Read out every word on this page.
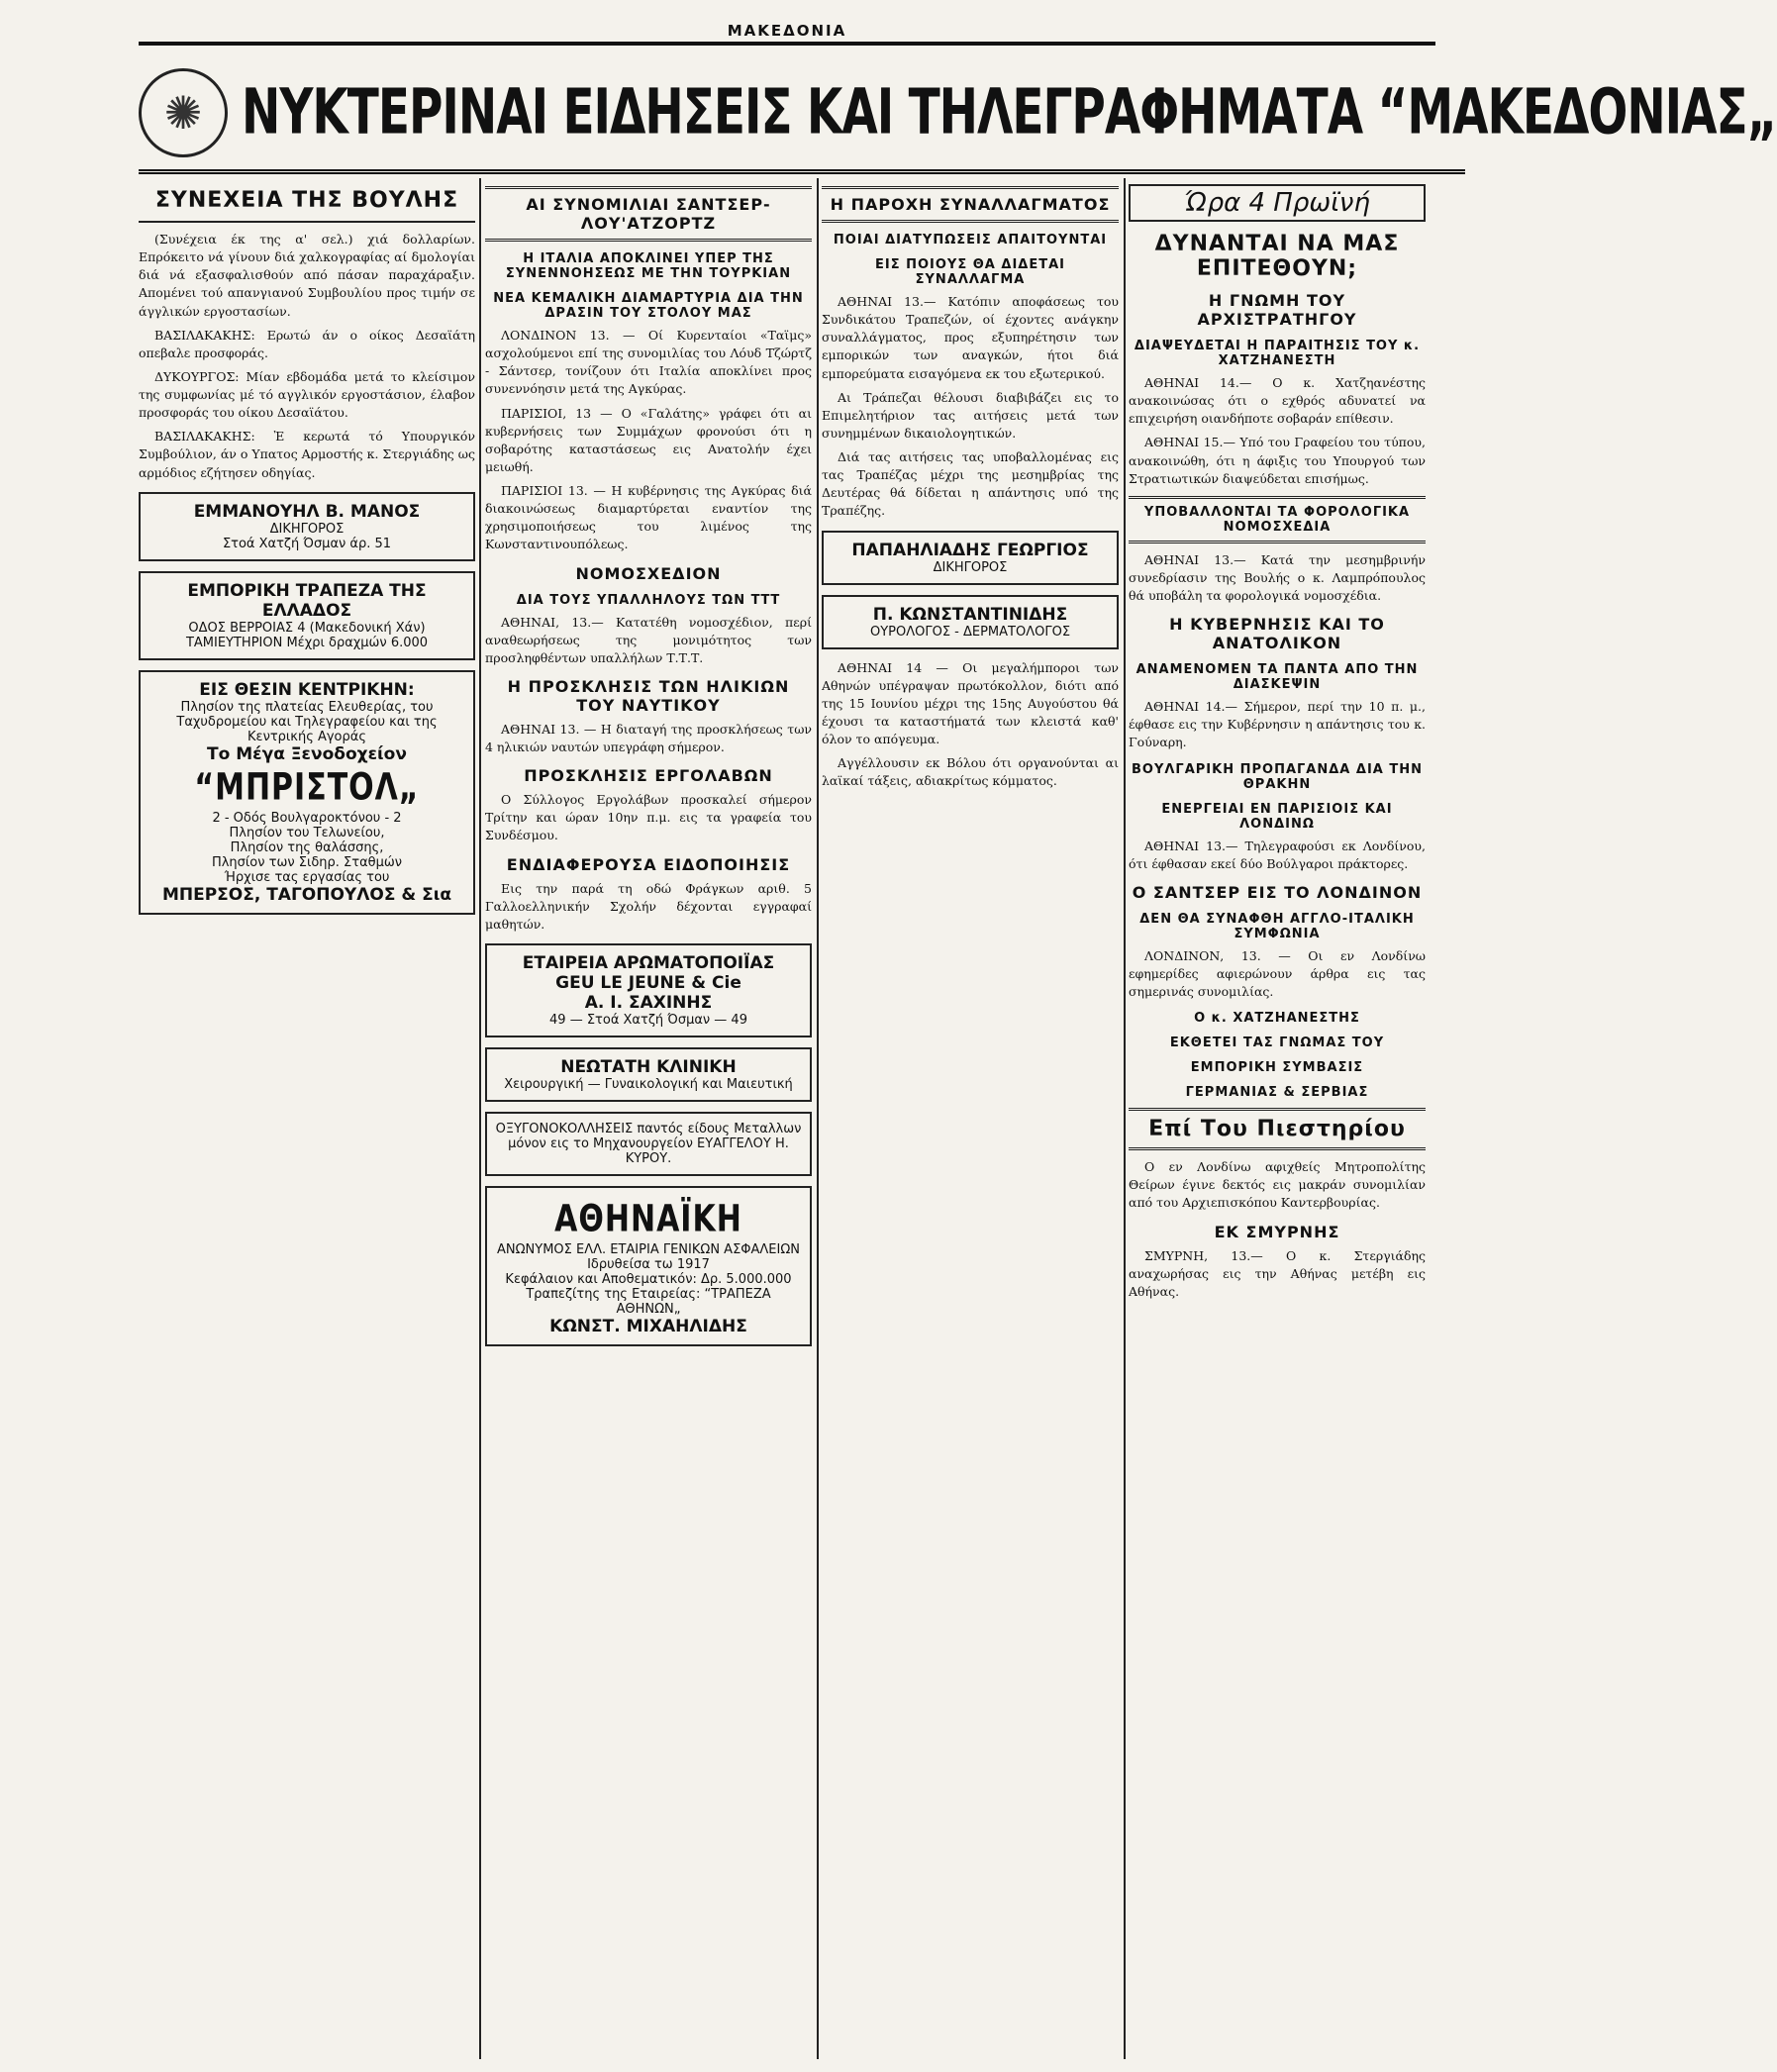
ΜΑΚΕΔΟΝΙΑ
✺ ΝΥΚΤΕΡΙΝΑΙ ΕΙΔΗΣΕΙΣ ΚΑΙ ΤΗΛΕΓΡΑΦΗΜΑΤΑ “ΜΑΚΕΔΟΝΙΑΣ„
ΣΥΝΕΧΕΙΑ ΤΗΣ ΒΟΥΛΗΣ

(Συνέχεια έκ της α' σελ.) χιά δολλαρίων. Επρόκειτο νά γίνουν διά χαλκογραφίας αί δμολογίαι διά νά εξασφαλισθούν από πάσαν παραχάραξιν. Απομένει τού απανγιανού Συμβουλίου προς τιμήν σε άγγλικών εργοστασίων.

ΒΑΣΙΛΑΚΑΚΗΣ: Ερωτώ άν ο οίκος Δεσαϊάτη οπεβαλε προσφοράς.

ΔΥΚΟΥΡΓΟΣ: Μίαν εβδομάδα μετά το κλείσιμον της συμφωνίας μέ τό αγγλικόν εργοστάσιον, έλαβον προσφοράς του οίκου Δεσαϊάτου.

ΒΑΣΙΛΑΚΑΚΗΣ: Ἐ κερωτά τό Υπουργικόν Συμβούλιον, άν ο Υπατος Αρμοστής κ. Στεργιάδης ως αρμόδιος εζήτησεν οδηγίας.

ΕΜΜΑΝΟΥΗΛ Β. ΜΑΝΟΣ
ΔΙΚΗΓΟΡΟΣ
Στοά Χατζή Όσμαν άρ. 51
ΕΜΠΟΡΙΚΗ ΤΡΑΠΕΖΑ ΤΗΣ ΕΛΛΑΔΟΣ
ΟΔΟΣ ΒΕΡΡΟΙΑΣ 4 (Μακεδονική Χάν)
ΤΑΜΙΕΥΤΗΡΙΟΝ Μέχρι δραχμών 6.000
ΕΙΣ ΘΕΣΙΝ ΚΕΝΤΡΙΚΗΝ:
Πλησίον της πλατείας Ελευθερίας, του Ταχυδρομείου και Τηλεγραφείου και της Κεντρικής Αγοράς
Το Μέγα Ξενοδοχείον
“ΜΠΡΙΣΤΟΛ„
2 - Οδός Βουλγαροκτόνου - 2
Πλησίον του Τελωνείου,
Πλησίον της θαλάσσης,
Πλησίον των Σιδηρ. Σταθμών
Ήρχισε τας εργασίας του
ΜΠΕΡΣΟΣ, ΤΑΓΟΠΟΥΛΟΣ & Σια
ΑΙ ΣΥΝΟΜΙΛΙΑΙ ΣΑΝΤΣΕΡ-ΛΟΥ'ΑΤΖΟΡΤΖ
Η ΙΤΑΛΙΑ ΑΠΟΚΛΙΝΕΙ ΥΠΕΡ ΤΗΣ ΣΥΝΕΝΝΟΗΣΕΩΣ ΜΕ ΤΗΝ ΤΟΥΡΚΙΑΝ
ΝΕΑ ΚΕΜΑΛΙΚΗ ΔΙΑΜΑΡΤΥΡΙΑ ΔΙΑ ΤΗΝ ΔΡΑΣΙΝ ΤΟΥ ΣΤΟΛΟΥ ΜΑΣ

ΛΟΝΔΙΝΟΝ 13. — Οί Κυρενταίοι «Ταϊμς» ασχολούμενοι επί της συνομιλίας του Λόυδ Τζώρτζ - Σάντσερ, τονίζουν ότι Ιταλία αποκλίνει προς συνεννόησιν μετά της Αγκύρας.

ΠΑΡΙΣΙΟΙ, 13 — Ο «Γαλάτης» γράφει ότι αι κυβερνήσεις των Συμμάχων φρονούσι ότι η σοβαρότης καταστάσεως εις Ανατολήν έχει μειωθή.

ΠΑΡΙΣΙΟΙ 13. — Η κυβέρνησις της Αγκύρας διά διακοινώσεως διαμαρτύρεται εναντίον της χρησιμοποιήσεως του λιμένος της Κωνσταντινουπόλεως.

ΝΟΜΟΣΧΕΔΙΟΝ
ΔΙΑ ΤΟΥΣ ΥΠΑΛΛΗΛΟΥΣ ΤΩΝ ΤΤΤ

ΑΘΗΝΑΙ, 13.— Κατατέθη νομοσχέδιον, περί αναθεωρήσεως της μονιμότητος των προσληφθέντων υπαλλήλων Τ.Τ.Τ.

Η ΠΡΟΣΚΛΗΣΙΣ ΤΩΝ ΗΛΙΚΙΩΝ ΤΟΥ ΝΑΥΤΙΚΟΥ

ΑΘΗΝΑΙ 13. — Η διαταγή της προσκλήσεως των 4 ηλικιών ναυτών υπεγράφη σήμερον.

ΠΡΟΣΚΛΗΣΙΣ ΕΡΓΟΛΑΒΩΝ

Ο Σύλλογος Εργολάβων προσκαλεί σήμερον Τρίτην και ώραν 10ην π.μ. εις τα γραφεία του Συνδέσμου.

ΕΝΔΙΑΦΕΡΟΥΣΑ ΕΙΔΟΠΟΙΗΣΙΣ

Εις την παρά τη οδώ Φράγκων αριθ. 5 Γαλλοελληνικήν Σχολήν δέχονται εγγραφαί μαθητών.

ΕΤΑΙΡΕΙΑ ΑΡΩΜΑΤΟΠΟΙΪΑΣ
GEU LE JEUNE & Cie
Α. Ι. ΣΑΧΙΝΗΣ
49 — Στοά Χατζή Όσμαν — 49
ΝΕΩΤΑΤΗ ΚΛΙΝΙΚΗ
Χειρουργική — Γυναικολογική και Μαιευτική
ΟΞΥΓΟΝΟΚΟΛΛΗΣΕΙΣ παντός είδους Μεταλλων μόνον εις το Μηχανουργείον ΕΥΑΓΓΕΛΟΥ Η. ΚΥΡΟΥ.
ΑΘΗΝΑΪΚΗ
ΑΝΩΝΥΜΟΣ ΕΛΛ. ΕΤΑΙΡΙΑ ΓΕΝΙΚΩΝ ΑΣΦΑΛΕΙΩΝ
Ιδρυθείσα τω 1917
Κεφάλαιον και Αποθεματικόν: Δρ. 5.000.000
Τραπεζίτης της Εταιρείας: “ΤΡΑΠΕΖΑ ΑΘΗΝΩΝ„
ΚΩΝΣΤ. ΜΙΧΑΗΛΙΔΗΣ
Η ΠΑΡΟΧΗ ΣΥΝΑΛΛΑΓΜΑΤΟΣ
ΠΟΙΑΙ ΔΙΑΤΥΠΩΣΕΙΣ ΑΠΑΙΤΟΥΝΤΑΙ
ΕΙΣ ΠΟΙΟΥΣ ΘΑ ΔΙΔΕΤΑΙ ΣΥΝΑΛΛΑΓΜΑ

ΑΘΗΝΑΙ 13.— Κατόπιν αποφάσεως του Συνδικάτου Τραπεζών, οί έχοντες ανάγκην συναλλάγματος, προς εξυπηρέτησιν των εμπορικών των αναγκών, ήτοι διά εμπορεύματα εισαγόμενα εκ του εξωτερικού.

Αι Τράπεζαι θέλουσι διαβιβάζει εις το Επιμελητήριον τας αιτήσεις μετά των συνημμένων δικαιολογητικών.

Διά τας αιτήσεις τας υποβαλλομένας εις τας Τραπέζας μέχρι της μεσημβρίας της Δευτέρας θά δίδεται η απάντησις υπό της Τραπέζης.

ΠΑΠΑΗΛΙΑΔΗΣ ΓΕΩΡΓΙΟΣ
ΔΙΚΗΓΟΡΟΣ
Π. ΚΩΝΣΤΑΝΤΙΝΙΔΗΣ
ΟΥΡΟΛΟΓΟΣ - ΔΕΡΜΑΤΟΛΟΓΟΣ

ΑΘΗΝΑΙ 14 — Οι μεγαλήμποροι των Αθηνών υπέγραψαν πρωτόκολλον, διότι από της 15 Ιουνίου μέχρι της 15ης Αυγούστου θά έχουσι τα καταστήματά των κλειστά καθ' όλον το απόγευμα.

Αγγέλλουσιν εκ Βόλου ότι οργανούνται αι λαϊκαί τάξεις, αδιακρίτως κόμματος.

Ώρα 4 Πρωϊνή
ΔΥΝΑΝΤΑΙ ΝΑ ΜΑΣ ΕΠΙΤΕΘΟΥΝ;
Η ΓΝΩΜΗ ΤΟΥ ΑΡΧΙΣΤΡΑΤΗΓΟΥ
ΔΙΑΨΕΥΔΕΤΑΙ Η ΠΑΡΑΙΤΗΣΙΣ ΤΟΥ κ. ΧΑΤΖΗΑΝΕΣΤΗ

ΑΘΗΝΑΙ 14.— Ο κ. Χατζηανέστης ανακοινώσας ότι ο εχθρός αδυνατεί να επιχειρήση οιανδήποτε σοβαράν επίθεσιν.

ΑΘΗΝΑΙ 15.— Υπό του Γραφείου του τύπου, ανακοινώθη, ότι η άφιξις του Υπουργού των Στρατιωτικών διαψεύδεται επισήμως.

ΥΠΟΒΑΛΛΟΝΤΑΙ ΤΑ ΦΟΡΟΛΟΓΙΚΑ ΝΟΜΟΣΧΕΔΙΑ

ΑΘΗΝΑΙ 13.— Κατά την μεσημβρινήν συνεδρίασιν της Βουλής ο κ. Λαμπρόπουλος θά υποβάλη τα φορολογικά νομοσχέδια.

Η ΚΥΒΕΡΝΗΣΙΣ ΚΑΙ ΤΟ ΑΝΑΤΟΛΙΚΟΝ
ΑΝΑΜΕΝΟΜΕΝ ΤΑ ΠΑΝΤΑ ΑΠΟ ΤΗΝ ΔΙΑΣΚΕΨΙΝ

ΑΘΗΝΑΙ 14.— Σήμερον, περί την 10 π. μ., έφθασε εις την Κυβέρνησιν η απάντησις του κ. Γούναρη.

ΒΟΥΛΓΑΡΙΚΗ ΠΡΟΠΑΓΑΝΔΑ ΔΙΑ ΤΗΝ ΘΡΑΚΗΝ
ΕΝΕΡΓΕΙΑΙ ΕΝ ΠΑΡΙΣΙΟΙΣ ΚΑΙ ΛΟΝΔΙΝΩ

ΑΘΗΝΑΙ 13.— Τηλεγραφούσι εκ Λονδίνου, ότι έφθασαν εκεί δύο Βούλγαροι πράκτορες.

Ο ΣΑΝΤΣΕΡ ΕΙΣ ΤΟ ΛΟΝΔΙΝΟΝ
ΔΕΝ ΘΑ ΣΥΝΑΦΘΗ ΑΓΓΛΟ-ΙΤΑΛΙΚΗ ΣΥΜΦΩΝΙΑ

ΛΟΝΔΙΝΟΝ, 13. — Οι εν Λονδίνω εφημερίδες αφιερώνουν άρθρα εις τας σημερινάς συνομιλίας.

Ο κ. ΧΑΤΖΗΑΝΕΣΤΗΣ
ΕΚΘΕΤΕΙ ΤΑΣ ΓΝΩΜΑΣ ΤΟΥ
ΕΜΠΟΡΙΚΗ ΣΥΜΒΑΣΙΣ
ΓΕΡΜΑΝΙΑΣ & ΣΕΡΒΙΑΣ
Επί Του Πιεστηρίου

Ο εν Λονδίνω αφιχθείς Μητροπολίτης Θείρων έγινε δεκτός εις μακράν συνομιλίαν από του Αρχιεπισκόπου Καντερβουρίας.

ΕΚ ΣΜΥΡΝΗΣ

ΣΜΥΡΝΗ, 13.— Ο κ. Στεργιάδης αναχωρήσας εις την Αθήνας μετέβη εις Αθήνας.
